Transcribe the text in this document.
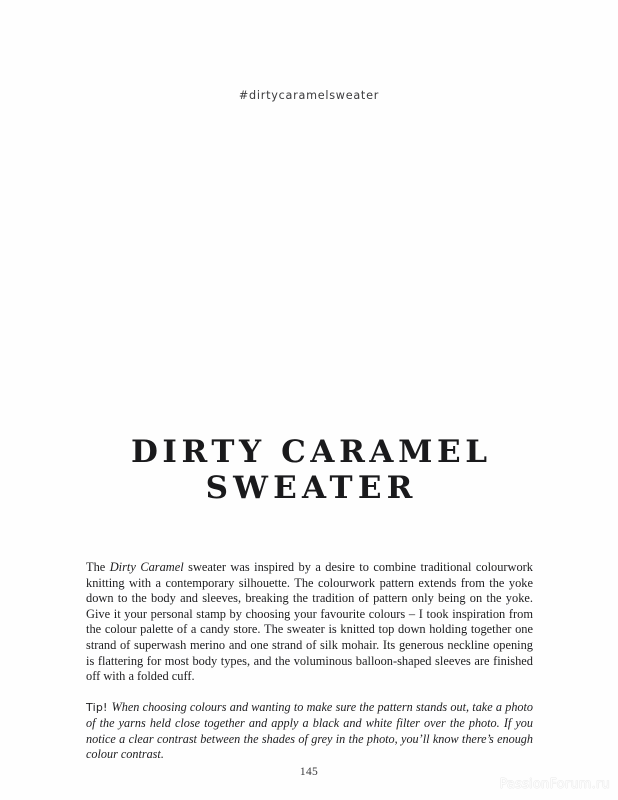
#dirtycaramelsweater
DIRTY CARAMEL
SWEATER

The Dirty Caramel sweater was inspired by a desire to combine traditional colourwork knitting with a contemporary silhouette. The colourwork pattern extends from the yoke down to the body and sleeves, breaking the tradition of pattern only being on the yoke. Give it your personal stamp by choosing your favourite colours – I took inspiration from the colour palette of a candy store. The sweater is knitted top down holding together one strand of superwash merino and one strand of silk mohair. Its generous neckline opening is flattering for most body types, and the voluminous balloon-shaped sleeves are finished off with a folded cuff.

Tip! When choosing colours and wanting to make sure the pattern stands out, take a photo of the yarns held close together and apply a black and white filter over the photo. If you notice a clear contrast between the shades of grey in the photo, you’ll know there’s enough colour contrast.

145
PassionForum.ru
